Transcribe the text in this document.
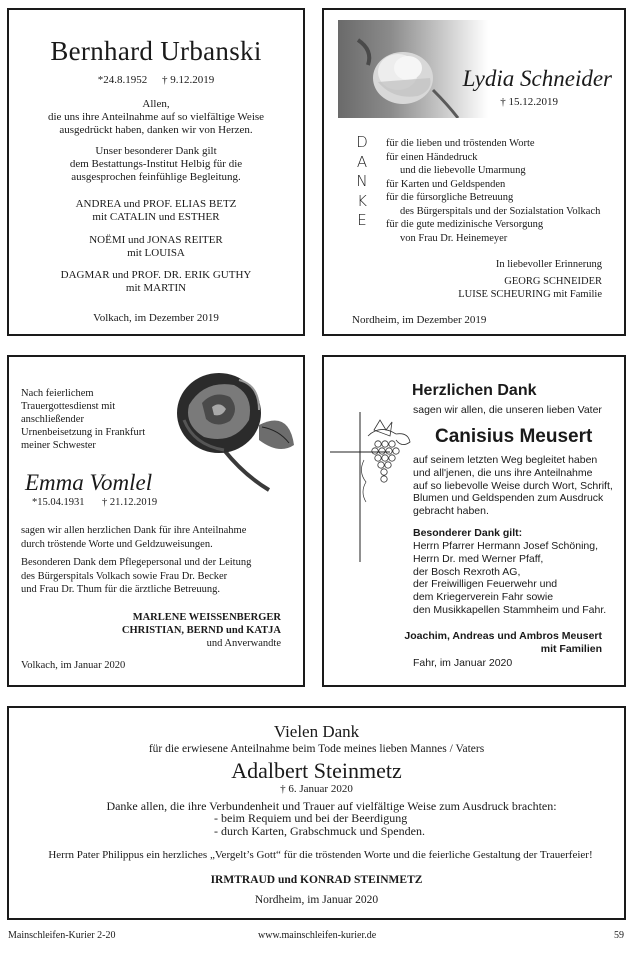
Bernhard Urbanski
*24.8.1952 † 9.12.2019
Allen,
die uns ihre Anteilnahme auf so vielfältige Weise
ausgedrückt haben, danken wir von Herzen.
Unser besonderer Dank gilt
dem Bestattungs-Institut Helbig für die
ausgesprochen feinfühlige Begleitung.
ANDREA und PROF. ELIAS BETZ
mit CATALIN und ESTHER
NOËMI und JONAS REITER
mit LOUISA
DAGMAR und PROF. DR. ERIK GUTHY
mit MARTIN
Volkach, im Dezember 2019
Lydia Schneider
† 15.12.2019
D
A
N
K
E
für die lieben und tröstenden Worte
für einen Händedruck
und die liebevolle Umarmung
für Karten und Geldspenden
für die fürsorgliche Betreuung
des Bürgerspitals und der Sozialstation Volkach
für die gute medizinische Versorgung
von Frau Dr. Heinemeyer
In liebevoller Erinnerung
GEORG SCHNEIDER
LUISE SCHEURING mit Familie
Nordheim, im Dezember 2019
Nach feierlichem
Trauergottesdienst mit
anschließender
Urnenbeisetzung in Frankfurt
meiner Schwester
Emma Vomlel
*15.04.1931 † 21.12.2019
sagen wir allen herzlichen Dank für ihre Anteilnahme
durch tröstende Worte und Geldzuweisungen.
Besonderen Dank dem Pflegepersonal und der Leitung
des Bürgerspitals Volkach sowie Frau Dr. Becker
und Frau Dr. Thum für die ärztliche Betreuung.
MARLENE WEISSENBERGER
CHRISTIAN, BERND und KATJA
und Anverwandte
Volkach, im Januar 2020
Herzlichen Dank
sagen wir allen, die unseren lieben Vater
Canisius Meusert
auf seinem letzten Weg begleitet haben
und all'jenen, die uns ihre Anteilnahme
auf so liebevolle Weise durch Wort, Schrift,
Blumen und Geldspenden zum Ausdruck
gebracht haben.
Besonderer Dank gilt:
Herrn Pfarrer Hermann Josef Schöning,
Herrn Dr. med Werner Pfaff,
der Bosch Rexroth AG,
der Freiwilligen Feuerwehr und
dem Kriegerverein Fahr sowie
den Musikkapellen Stammheim und Fahr.
Joachim, Andreas und Ambros Meusert
mit Familien
Fahr, im Januar 2020
Vielen Dank
für die erwiesene Anteilnahme beim Tode meines lieben Mannes / Vaters
Adalbert Steinmetz
† 6. Januar 2020
Danke allen, die ihre Verbundenheit und Trauer auf vielfältige Weise zum Ausdruck brachten:
- beim Requiem und bei der Beerdigung
- durch Karten, Grabschmuck und Spenden.
Herrn Pater Philippus ein herzliches „Vergelt’s Gott“ für die tröstenden Worte und die feierliche Gestaltung der Trauerfeier!
IRMTRAUD und KONRAD STEINMETZ
Nordheim, im Januar 2020
Mainschleifen-Kurier 2-20	www.mainschleifen-kurier.de	59
